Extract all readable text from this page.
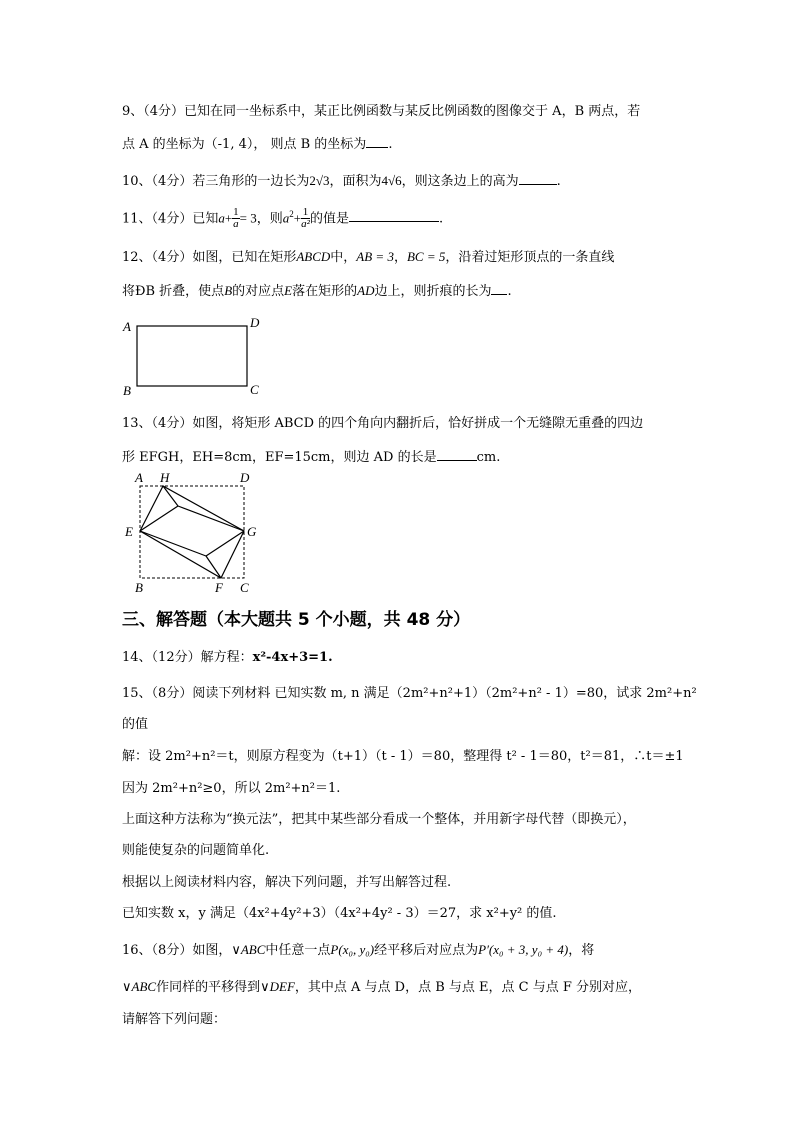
9、（4分）已知在同一坐标系中，某正比例函数与某反比例函数的图像交于 A，B 两点，若
点 A 的坐标为（-1, 4）， 则点 B 的坐标为 .
10、（4分）若三角形的一边长为2√3，面积为4√6，则这条边上的高为	.
11、（4分）已知$a+ \frac{1}{a} = 3$，则$a^2+ \frac{1}{\text{a²}}$ 的值是	.
12、（4分）如图，已知在矩形ABCD中，AB = 3，BC = 5，沿着过矩形顶点的一条直线
将ÐB 折叠，使点B的对应点E落在矩形的AD边上，则折痕的长为 .
A	D
B	C
13、（4分）如图，将矩形 ABCD 的四个角向内翻折后，恰好拼成一个无缝隙无重叠的四边
形 EFGH，EH=8cm，EF=15cm，则边 AD 的长是	cm.
A H	D
E	G
B	F C
三、解答题（本大题共 5 个小题，共 48 分）
14、（12分）解方程：x²-4x+3=1.
15、（8分）阅读下列材料 已知实数 m, n 满足（2m²+n²+1）（2m²+n² - 1）=80，试求 2m²+n²
的值
解：设 2m²+n²＝t，则原方程变为（t+1）（t - 1）＝80，整理得 t² - 1＝80，t²＝81，∴t＝±1
因为 2m²+n²≥0，所以 2m²+n²＝1.
上面这种方法称为“换元法”，把其中某些部分看成一个整体，并用新字母代替（即换元），
则能使复杂的问题简单化.
根据以上阅读材料内容，解决下列问题，并写出解答过程.
已知实数 x，y 满足（4x²+4y²+3）（4x²+4y² - 3）＝27，求 x²+y² 的值.
16、（8分）如图，∨ABC中任意一点P(x₀, y₀)经平移后对应点为P′(x₀ + 3, y₀ + 4)，将
∨ABC作同样的平移得到∨DEF，其中点 A 与点 D，点 B 与点 E，点 C 与点 F 分别对应，
请解答下列问题：
